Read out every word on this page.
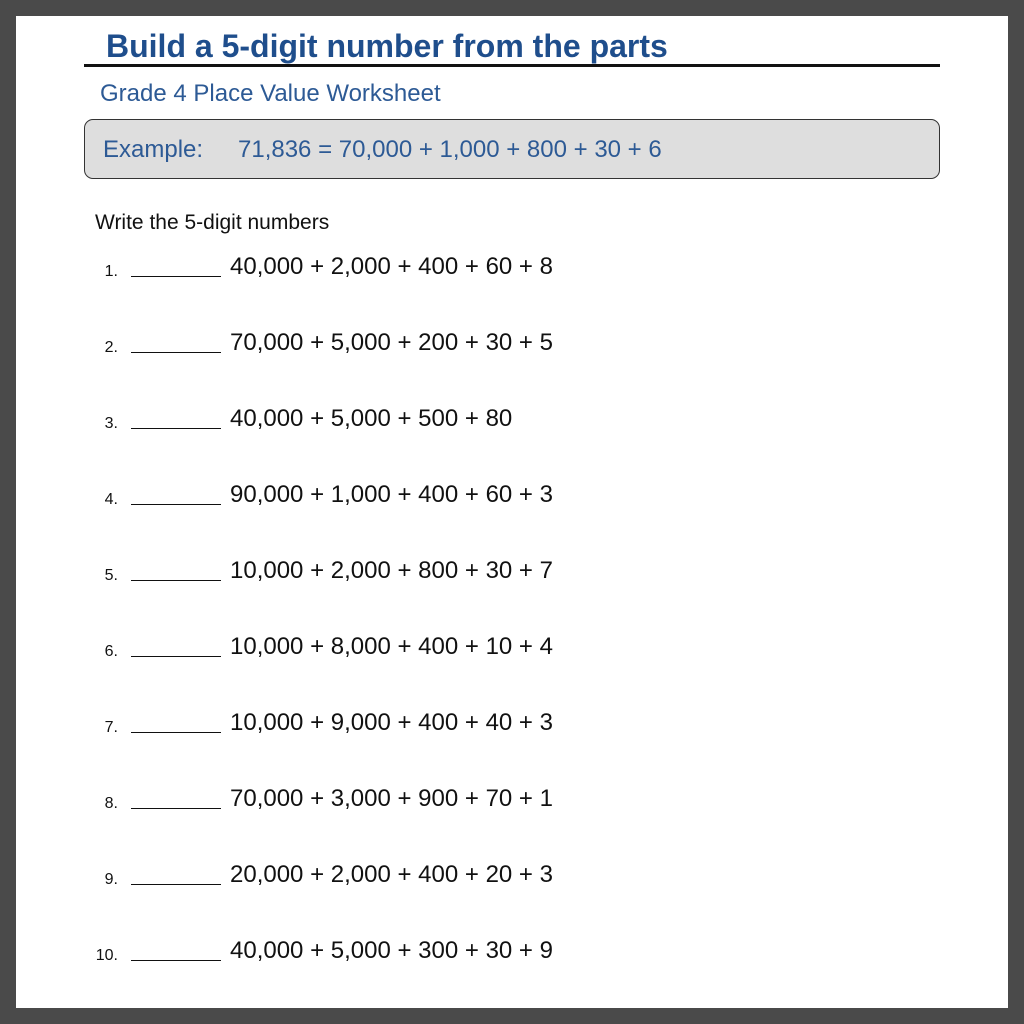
Build a 5-digit number from the parts
Grade 4 Place Value Worksheet
Example: 71,836 = 70,000 + 1,000 + 800 + 30 + 6
Write the 5-digit numbers
1.	40,000 + 2,000 + 400 + 60 + 8
2.	70,000 + 5,000 + 200 + 30 + 5
3.	40,000 + 5,000 + 500 + 80
4.	90,000 + 1,000 + 400 + 60 + 3
5.	10,000 + 2,000 + 800 + 30 + 7
6.	10,000 + 8,000 + 400 + 10 + 4
7.	10,000 + 9,000 + 400 + 40 + 3
8.	70,000 + 3,000 + 900 + 70 + 1
9.	20,000 + 2,000 + 400 + 20 + 3
10.	40,000 + 5,000 + 300 + 30 + 9
